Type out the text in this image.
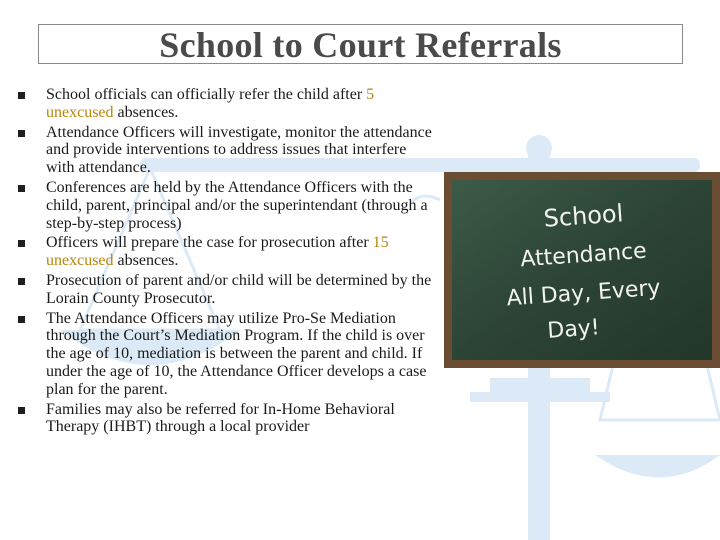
School to Court Referrals
School officials can officially refer the child after 5 unexcused absences.
Attendance Officers will investigate, monitor the attendance and provide interventions to address issues that interfere with attendance.
Conferences are held by the Attendance Officers with the child, parent, principal and/or the superintendant (through a step-by-step process)
Officers will prepare the case for prosecution after 15 unexcused absences.
Prosecution of parent and/or child will be determined by the Lorain County Prosecutor.
The Attendance Officers may utilize Pro-Se Mediation through the Court’s Mediation Program. If the child is over the age of 10, mediation is between the parent and child. If under the age of 10, the Attendance Officer develops a case plan for the parent.
Families may also be referred for In-Home Behavioral Therapy (IHBT) through a local provider
School
Attendance
All Day, Every
Day!
